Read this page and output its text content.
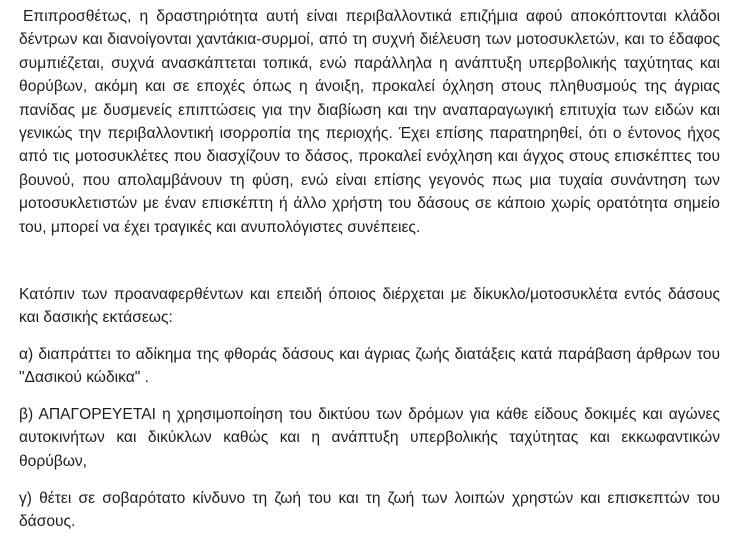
Επιπροσθέτως, η δραστηριότητα αυτή είναι περιβαλλοντικά επιζήμια αφού αποκόπτονται κλάδοι δέντρων και διανοίγονται χαντάκια-συρμοί, από τη συχνή διέλευση των μοτοσυκλετών, και το έδαφος συμπιέζεται, συχνά ανασκάπτεται τοπικά, ενώ παράλληλα η ανάπτυξη υπερβολικής ταχύτητας και θορύβων, ακόμη και σε εποχές όπως η άνοιξη, προκαλεί όχληση στους πληθυσμούς της άγριας πανίδας με δυσμενείς επιπτώσεις για την διαβίωση και την αναπαραγωγική επιτυχία των ειδών και γενικώς την περιβαλλοντική ισορροπία της περιοχής. Έχει επίσης παρατηρηθεί, ότι ο έντονος ήχος από τις μοτοσυκλέτες που διασχίζουν το δάσος, προκαλεί ενόχληση και άγχος στους επισκέπτες του βουνού, που απολαμβάνουν τη φύση, ενώ είναι επίσης γεγονός πως μια τυχαία συνάντηση των μοτοσυκλετιστών με έναν επισκέπτη ή άλλο χρήστη του δάσους σε κάποιο χωρίς ορατότητα σημείο του, μπορεί να έχει τραγικές και ανυπολόγιστες συνέπειες.

Κατόπιν των προαναφερθέντων και επειδή όποιος διέρχεται με δίκυκλο/μοτοσυκλέτα εντός δάσους και δασικής εκτάσεως:

α) διαπράττει το αδίκημα της φθοράς δάσους και άγριας ζωής διατάξεις κατά παράβαση άρθρων του "Δασικού κώδικα" .

β) ΑΠΑΓΟΡΕΥΕΤΑΙ η χρησιμοποίηση του δικτύου των δρόμων για κάθε είδους δοκιμές και αγώνες αυτοκινήτων και δικύκλων καθώς και η ανάπτυξη υπερβολικής ταχύτητας και εκκωφαντικών θορύβων,

γ) θέτει σε σοβαρότατο κίνδυνο τη ζωή του και τη ζωή των λοιπών χρηστών και επισκεπτών του δάσους.
